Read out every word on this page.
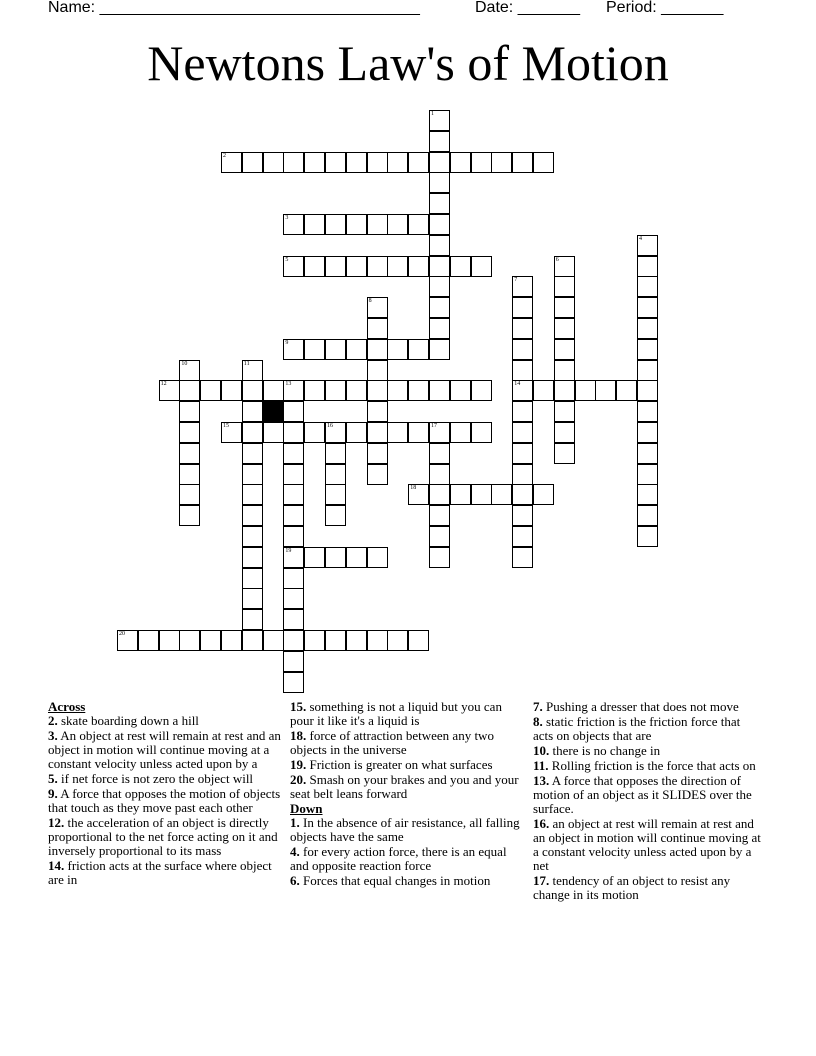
Name: ____________________________________	Date: _______ Period: _______
Newtons Law's of Motion
1
2
3
4
5	6
7
14
8
9
10	11
12	13
19
15	16	17
18
20
Across
2. skate boarding down a hill
3. An object at rest will remain at rest and an object in motion will continue moving at a constant velocity unless acted upon by a
5. if net force is not zero the object will
9. A force that opposes the motion of objects that touch as they move past each other
12. the acceleration of an object is directly proportional to the net force acting on it and inversely proportional to its mass
14. friction acts at the surface where object are in
15. something is not a liquid but you can pour it like it's a liquid is
18. force of attraction between any two objects in the universe
19. Friction is greater on what surfaces
20. Smash on your brakes and you and your seat belt leans forward
Down
1. In the absence of air resistance, all falling objects have the same
4. for every action force, there is an equal and opposite reaction force
6. Forces that equal changes in motion
7. Pushing a dresser that does not move
8. static friction is the friction force that acts on objects that are
10. there is no change in
11. Rolling friction is the force that acts on
13. A force that opposes the direction of motion of an object as it SLIDES over the surface.
16. an object at rest will remain at rest and an object in motion will continue moving at a constant velocity unless acted upon by a net
17. tendency of an object to resist any change in its motion
